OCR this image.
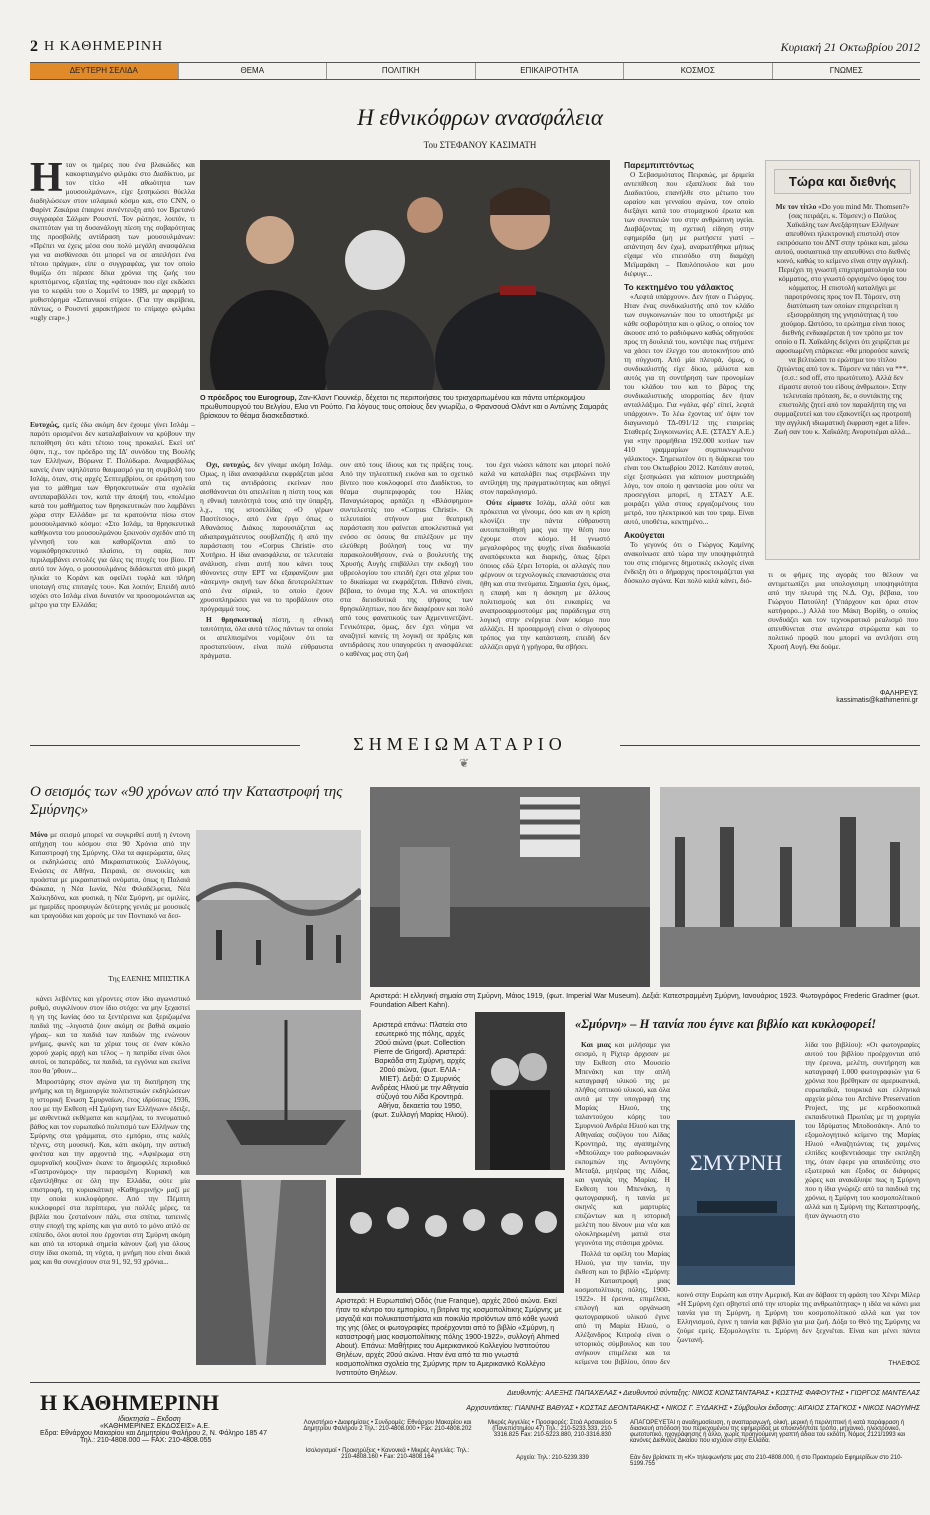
2 Η ΚΑΘΗΜΕΡΙΝΗ	Κυριακή 21 Οκτωβρίου 2012
ΔΕΥΤΕΡΗ ΣΕΛΙΔΑ	ΘΕΜΑ	ΠΟΛΙΤΙΚΗ	ΕΠΙΚΑΙΡΟΤΗΤΑ	ΚΟΣΜΟΣ	ΓΝΩΜΕΣ
Η εθνικόφρων ανασφάλεια
Του ΣΤΕΦΑΝΟΥ ΚΑΣΙΜΑΤΗ
Η ταν οι ημέρες που ένα βλακώδες και κακοφτιαγμένο φιλμάκι στο Διαδίκτυο, με τον τίτλο «Η αθωότητα των μουσουλμάνων», είχε ξεσηκώσει θύελλα διαδηλώσεων στον ισλαμικό κόσμο και, στο CNN, ο Φαρίντ Ζακάρια έπαιρνε συνέντευξη από τον Βρετανό συγγραφέα Σάλμαν Ρουσντί. Τον ρώτησε, λοιπόν, τι σκεπτόταν για τη δυσανάλογη πίεση της σοβαρότητας της προσβολής αντίδραση των μουσουλμάνων: «Πρέπει να έχεις μέσα σου πολύ μεγάλη ανασφάλεια για να αισθάνεσαι ότι μπορεί να σε απειλήσει ένα τέτοιο πράγμα», είπε ο συγγραφέας, για τον οποίο θυμίζω ότι πέρασε δέκα χρόνια της ζωής του κρυπτόμενος, εξαιτίας της «φάτουα» που είχε εκδώσει για το κεφάλι του ο Χομεϊνί το 1989, με αφορμή το μυθιστόρημα «Σατανικοί στίχοι». (Για την ακρίβεια, πάντως, ο Ρουσντί χαρακτήρισε το επίμαχο φιλμάκι «ugly crap».)
Ευτυχώς, εμείς έδω ακόμη δεν έχουμε γίνει Ισλάμ – παρότι ορισμένοι δεν καταλαβαίνουν να κρύβουν την πεποίθηση ότι κάτι τέτοιο τους προκαλεί. Εκεί υπ' όψιν, π.χ., τον πρόεδρο της ΙΔ' συνόδου της Βουλής των Ελλήνων, Βύρωνα Γ. Πολύδωρα. Αναμφιβόλως κανείς έναν υψηλότατο θαυμασμό για τη συμβολή του Ισλάμ, όταν, στις αρχές Σεπτεμβρίου, σε ερώτηση του για το μάθημα των Θρησκευτικών στα σχολεία αντιπαραβάλλει τον, κατά την άποψή του, «πολέμιο κατά του μαθήματος των θρησκευτικών που λαμβάνει χώρα στην Ελλάδα» με τα κρατούντα πίσω στον μουσουλμανικό κόσμο: «Στο Ισλάμ, τα θρησκευτικά καθήκοντα του μουσουλμάνου ξεκινούν σχεδόν από τη γέννησή του και καθορίζονται από το νομικόθρησκευτικό πλαίσιο, τη σαρία, που περιλαμβάνει εντολές για όλες τις πτυχές του βίου. Π' αυτό τον λόγο, ο μουσουλμάνος διδάσκεται από μικρή ηλικία το Κοράνι και οφείλει τυφλά και πλήρη υποταγή στις επιταγές του». Και λοιπόν; Επειδή αυτό ισχύει στο Ισλάμ είναι δυνατόν να προσομοιώνεται ως μέτρο για την Ελλάδα;
Ο πρόεδρος του Eurogroup, Ζαν-Κλοντ Γιουνκέρ, δέχεται τις περιποιήσεις του τρισχαριτωμένου και πάντα υπέρκομψου πρωθυπουργού του Βελγίου, Ελιο ντι Ρούπο. Για λόγους τους οποίους δεν γνωρίζω, ο Φρανσουά Ολάντ και ο Αντώνης Σαμαράς βρίσκουν το θέαμα διασκεδαστικό.

Οχι, ευτυχώς, δεν γίναμε ακόμη Ισλάμ. Ομως, η ίδια ανασφάλεια εκφράζεται μέσα από τις αντιδράσεις εκείνων που αισθάνονται ότι απειλείται η πίστη τους και η εθνική ταυτότητά τους από την ύπαρξη, λ.χ., της ιστοσελίδας «Ο γέρων Παστίτσιος», από ένα έργο όπως ο Αθανάσιος Διάκος παρουσιάζεται ως αδιαπραγμάτευτος σουβλατζής ή από την παράσταση του «Corpus Christi» στο Χυτήριο. Η ίδια ανασφάλεια, σε τελευταία ανάλυση, είναι αυτή που κάνει τους ιθύνοντες στην ΕΡΤ να εξαφανίζουν μια «άσεμνη» σκηνή των δέκα δευτερολέπτων από ένα σίριαλ, το οποίο έχουν χρυσοπληρώσει για να το προβάλουν στο πρόγραμμά τους.

Η θρησκευτική πίστη, η εθνική ταυτότητα, όλα αυτά τέλος πάντων τα οποία οι απελπισμένοι νομίζουν ότι τα προστατεύουν, είναι πολύ εύθραυστα πράγματα.

ουν από τους ίδιους και τις πράξεις τους. Από την τηλεοπτική εικόνα και το σχετικό βίντεο που κυκλοφορεί στο Διαδίκτυο, το θέαμα συμπεριφοράς του Ηλίας Παναγιώταρος αρπάζει η «Βλάσφημοι» συντελεστές του «Corpus Christi». Οι τελευταίοι στήνουν μια θεατρική παράσταση που φαίνεται αποκλειστικά για ενόσο σε όσους θα επιλέξουν με την ελεύθερη βούλησή τους να την παρακολουθήσουν, ενώ ο βουλευτής της Χρυσής Αυγής επιβάλλει την εκδοχή του υβρεολογίου του επειδή έχει στα χέρια του το δικαίωμα να εκφράζεται. Πιθανό είναι, βέβαια, το όνομα της Χ.Α. να αποκτήσει στα διεισδυτικά της ψήφους των θρησκόληπτων, που δεν διαφέρουν και πολύ από τους φανατικούς των Αχμεντινετζάντ. Γενικότερα, όμως, δεν έχει νόημα να αναζητεί κανείς τη λογική σε πράξεις και αντιδράσεις που υπαγορεύει η ανασφάλεια: ο καθένας μας στη ζωή

του έχει νιώσει κάποτε και μπορεί πολύ καλά να καταλάβει πως στρεβλώνει την αντίληψη της πραγματικότητας και οδηγεί στον παραλογισμό.

Ούτε είμαστε Ισλάμ, αλλά ούτε και πρόκειται να γίνουμε, όσο και αν η κρίση κλονίζει την πάντα εύθραυστη αυτοπεποίθησή μας για την θέση που έχουμε στον κόσμο. Η γνωστό μεγαλοφόρος της ψυχής είναι διαδικασία αναπόφευκτα και διαρκής, όπως ξέρει όποιος εδώ ξέρει Ιστορία, οι αλλαγές που φέρνουν οι τεχνολογικές επαναστάσεις στα ήθη και στα πνεύματα. Σημασία έχει, όμως, η επαφή και η άσκηση με άλλους πολιτισμούς και ότι ευκαιρίες να αναπροσαρμοστούμε μας παράδειγμα στη λογική στην ενέργεια έναν κόσμο που αλλάζει. Η προσαρμογή είναι ο σίγουρος τρόπος για την κατάσταση, επειδή δεν αλλάζει αργά ή γρήγορα, θα σβήσει.

Παρεμπιπτόντως

Ο Σεβασμιότατος Πειραιώς, με δριμεία αντεπίθεση που εξαπέλυσε διά του Διαδικτύου, επανήλθε στο μέτωπο του ωραίου και γενναίου αγώνα, τον οποίο διεξάγει κατά του στομαχικού έρωτα και των συνεπειών του στην ανθρώπινη υγεία. Διαβάζοντας τη σχετική είδηση στην εφημερίδα (μη με ρωτήσετε γιατί – απάντηση δεν έχω), αναρωτήθηκα μήπως είχαμε νέο επεισόδιο στη διαμάχη Μεϊμαράκη – Παυλόπουλου και μου διέφυγε...

Το κεκτημένο του γάλακτος

«Λεφτά υπάρχουν». Δεν ήταν ο Γιώργος. Ηταν ένας συνδικαλιστής από τον κλάδο των συγκοινωνιών που το υποστήριξε με κάθε σοβαρότητα και ο φίλος, ο οποίος τον άκουσε από το ραδιόφωνο καθώς οδηγούσε προς τη δουλειά του, κοντέψε πως στήμενε να χάσει τον έλεγχο του αυτοκινήτου από τη σύγχυση. Από μία πλευρά, όμως, ο συνδικαλιστής είχε δίκιο, μάλιστα και αυτός για τη συντήρηση των προνομίων του κλάδου του και το βάρος της συνδικαλιστικής ισορροπίας δεν ήταν ανταλλάξιμο. Για «γάλα, φέρ' είπεί, λεφτά υπάρχουν». Το λέω έχοντας υπ' όψιν τον διαγωνισμό ΤΔ-091/12 της εταιρείας Σταθερές Συγκοινωνίες Α.Ε. (ΣΤΑΣΥ Α.Ε.) για «την προμήθεια 192.000 κυτίων των 410 γραμμαρίων συμπυκνωμένου γάλακτος». Σημειωτέον ότι η διάρκεια του είναι του Οκτωβρίου 2012. Κατόπιν αυτού, είχε ξεσηκώσει για κάποιον μυστηριώδη λόγο, τον οποίο η φαντασία μου ούτε να προσεγγίσει μπορεί, η ΣΤΑΣΥ Α.Ε. μοιράζει γάλα στους εργαζομένους του μετρό, του ηλεκτρικού και του τραμ. Είναι αυτό, υποθέτω, κεκτημένο...

Ακούγεται

Το γεγονός ότι ο Γιώργος Καμίνης ανακοίνωσε από τώρα την υποψηφιότητά του στις επόμενες δημοτικές εκλογές είναι ένδειξη ότι ο δήμαρχος προετοιμάζεται για δύσκολο αγώνα. Και πολύ καλά κάνει, διό-

Τώρα και διεθνής
Με τον τίτλο «Do you mind Mr. Thomsen?» (σας πειράζει, κ. Τόμσεν;) ο Παύλος Χαϊκάλης των Ανεξάρτητων Ελλήνων απευθύνει ηλεκτρονική επιστολή στον εκπρόσωπο του ΔΝΤ στην τρόικα και, μέσω αυτού, ουσιαστικά την απευθύνει στο διεθνές κοινό, καθώς το κείμενο είναι στην αγγλική. Περιέχει τη γνωστή επιχειρηματολογία του κόμματος, στο γνωστό οργισμένο ύφος του κόμματος. Η επιστολή καταλήγει με παροτρύνσεις προς τον Π. Τόμσεν, στη διατύπωση των οποίων επιχειρείται η εξισορρόπηση της γνησιότητας ή του χιούμορ. Ωστόσο, το ερώτημα είναι ποιος διεθνής ενδιαφέρεται ή τον τρόπο με τον οποίο ο Π. Χαϊκάλης δείχνει ότι χειρίζεται με αφοσιωμένη επάρκεια: «θα μπορούσε κανείς να βελτιώσει το ερώτημα του τίτλου ζητώντας από τον κ. Τόμσεν να πάει να ***. (σ.σ.: sod off, στο πρωτότυπο). Αλλά δεν είμαστε αυτού του είδους άνθρωποι». Στην τελευταία πρόταση, δε, ο συντάκτης της επιστολής ζητεί από τον παραλήπτη της να συμμαζευτεί και του εξακοντίζει ως προτροπή την αγγλική ιδιωματική έκφραση «get a life». Ζωή σαν του κ. Χαϊκάλη; Ανορυτιέμαι αλλά...
τι οι φήμες της αγοράς του θέλουν να αντιμετωπίζει μια υπολογισιμη υποψηφιότητα από την πλευρά της Ν.Δ. Οχι, βέβαια, του Γιώργου Πατούλη! (Υπάρχουν και όρια στον κατήφορο...) Αλλά του Μάκη Βορίδη, ο οποίος συνδυάζει και τον τεχνοκρατικό ρεαλισμό που απευθύνεται στα ανώτερα στρώματα και το πολιτικό προφίλ που μπορεί να αντλήσει στη Χρυσή Αυγή. Θα δούμε.
ΦΑΛΗΡΕΥΣ
kassimatis@kathimerini.gr
ΣΗΜΕΙΩΜΑΤΑΡΙΟ
❦
Ο σεισμός των «90 χρόνων από την Καταστροφή της Σμύρνης»
Μόνο με σεισμό μπορεί να συγκριθεί αυτή η έντονη απήχηση του κόσμου στα 90 Χρόνια από την Καταστροφή της Σμύρνης. Ολα τα αφιερώματα, όλες οι εκδηλώσεις από Μικρασιατικούς Συλλόγους, Ενώσεις σε Αθήνα, Πειραιά, σε συνοικίες και προάστια με μικρασιατικά ονόματα, όπως η Παλαιά Φώκαια, η Νέα Ιωνία, Νέα Φιλαδέλφεια, Νέα Χαλκηδόνα, και φυσικά, η Νέα Σμύρνη, με ομιλίες, με ημερίδες προσφυγών δεύτερης γενιάς με μουσικές και τραγούδια και χορούς με τον Ποντιακό να δεσ-
Της ΕΛΕΝΗΣ ΜΠΙΣΤΙΚΑ

κάνει λεβέντες και γέροντες στον ίδιο αγωνιστικό ρυθμό, συγκλίνουν στον ίδιο στόχο: να μην ξεχαστεί η γη της Ιωνίας όσο τα ξεντέρεινα και ξεριζωμένα παιδιά της –λιγοστά ζουν ακόμη σε βαθιά ακμαίο γήρας– και τα παιδιά των παιδιών της ενώνουν μνήμες, φωνές και τα χέρια τους σε έναν κύκλο χορού χωρίς αρχή και τέλος – η πατρίδα είναι όλοι αυτοί, οι πατεράδες, τα παιδιά, τα εγγόνια και εκείνα που θα 'ρθουν...

Μπροστάρης στον αγώνα για τη διατήρηση της μνήμης και τη δημιουργία πολιτιστικών εκδηλώσεων η ιστορική Ενωση Σμυρναίων, έτος ιδρύσεως 1936, που με την Εκθεση «Η Σμύρνη των Ελλήνων» έδειξε, με αυθεντικά εκθέματα και κειμήλια, το πνευματικό βάθος και τον ευρωπαϊκό πολιτισμό των Ελλήνων της Σμύρνης στα γράμματα, στο εμπόριο, στις καλές τέχνες, στη μουσική. Και, κάτι ακόμη, την αστική φινέτσα και την αρχοντιά της. «Αφιέρωμα στη σμυρναϊκή κουζίνα» έκανε το δημοφιλές περιοδικό «Γαστρονόμος» την περασμένη Κυριακή και εξαντλήθηκε σε όλη την Ελλάδα, ούτε μία επιστροφή, τη κυριακάτικη «Καθημερινής» μαζί με την οποία κυκλοφόρησε. Από την Πέμπτη κυκλοφορεί στα περίπτερα, για πολλές μέρες, τα βιβλία που ζεσταίνουν πάλι, στα σπίτια, ταπεινές στην εποχή της κρίσης και για αυτό το μόνο απλό σε επίπεδο, όλοι αυτοί που έρχονται στη Σμύρνη ακόμη και από τα ιστορικά σημεία κάνουν ζωή για όλους στην ίδια σκοπιά, τη νύχτα, η μνήμη που είναι δικιά μας και θα συνεχίσουν στα 91, 92, 93 χρόνια...

Αριστερά: Η ελληνική σημαία στη Σμύρνη, Μάιος 1919, (φωτ. Imperial War Museum). Δεξιά: Κατεστραμμένη Σμύρνη, Ιανουάριος 1923. Φωτογράφος Frederic Gradmer (φωτ. Foundation Albert Kahn).
Αριστερά επάνω: Πλατεία στο εσωτερικό της πόλης, αρχές 20ού αιώνα (φωτ. Collection Pierre de Grigord). Αριστερά: Βαρκάδα στη Σμύρνη, αρχές 20ού αιώνα, (φωτ. ΕΛΙΑ - ΜΙΕΤ). Δεξιά: Ο Σμυρνιός Ανδρέας Ηλιού με την Αθηναία σύζυγό του Λίδα Κροντηρά. Αθήνα, δεκαετία του 1950, (φωτ. Συλλογή Μαρίας Ηλιού).
Αριστερά: Η Ευρωπαϊκή Οδός (rue Franque), αρχές 20ού αιώνα. Εκεί ήταν το κέντρο του εμπορίου, η βιτρίνα της κοσμοπολίτικης Σμύρνης με μαγαζιά και πολυκαταστήματα και ποικιλία προϊόντων από κάθε γωνιά της γης (όλες οι φωτογραφίες προέρχονται από το βιβλίο «Σμύρνη, η καταστροφή μιας κοσμοπολίτικης πόλης 1900-1922», συλλογή Ahmed About). Επάνω: Μαθήτριες του Αμερικανικού Κολλεγίου Ινστιτούτου Θηλέων, αρχές 20ού αιώνα. Ηταν ένα από τα πιο γνωστά κοσμοπολίτικα σχολεία της Σμύρνης πριν το Αμερικανικό Κολλέγιο Ινστιτούτο Θηλέων.
«Σμύρνη» – Η ταινία που έγινε και βιβλίο και κυκλοφορεί!

Και μιας και μιλήσαμε για σεισμό, η Ρίχτερ άρχισαν με την Εκθεση στο Μουσείο Μπενάκη και την απλή καταγραφή υλικού της με πλήθος οπτικού υλικού, και όλα αυτά με την υπογραφή της Μαρίας Ηλιού, της ταλαντούχου κόρης του Σμυρνιού Ανδρέα Ηλιού και της Αθηναίας συζύγου του Λίδας Κροντηρά, της αγαπημένης «Μπούλας» του ραδιοφωνικών εκπομπών της Αντιγόνης Μεταξά, μητέρας της Λίδας, και γιαγιάς της Μαρίας. Η Εκθεση του Μπενάκη, η φωτογραφική, η ταινία με σκηνές και μαρτυρίες επιζώντων και η ιστορική μελέτη που δίνουν μια νέα και ολοκληρωμένη ματιά στα γεγονότα της στάσιμα χρόνια.

Πολλά τα οφέλη του Μαρίας Ηλιού, για την ταινία, την έκθεση και το βιβλίο «Σμύρνη: Η Καταστροφή μιας κοσμοπολίτικης πόλης, 1900-1922». Η έρευνα, επιμέλεια, επιλογή και οργάνωση φωτογραφικού υλικού έγινε από τη Μαρία Ηλιού, ο Αλέξανδρος Κιτροέφ είναι ο ιστορικός σύμβουλος και του ανήκουν επιμέλεια και τα κείμενα του βιβλίου, όπου δεν

ΣΜΥΡΝΗ
λίδα του βιβλίου): «Οι φωτογραφίες αυτού του βιβλίου προέρχονται από την έρευνα, μελέτη, συντήρηση και καταγραφή 1.000 φωτογραφιών για 6 χρόνια που βρέθηκαν σε αμερικανικά, ευρωπαϊκά, τουρκικά και ελληνικά αρχεία μέσω του Archive Preservation Project, της με κερδοσκοπικά εκπαιδευτικά Πρωτέας με τη χορηγία του Ιδρύματος Μποδοσάκη». Από το εξομολογητικό κείμενο της Μαρίας Ηλιού «Αναζητώντας τις χαμένες ελπίδες κουβεντιάσαμε την εκπληξη της, όταν έφερε για απαιδεύτης στο εξωτερικό και έξοδος σε διάφορες χώρες και ανακάλυψε πως η Σμύρνη που η ίδια γνώριζε από τα παιδικά της χρόνια, η Σμύρνη του κοσμοπολίτικού αλλά και η Σμύρνη της Καταστροφής, ήταν άγνωστη στο
κοινό στην Ευρώπη και στην Αμερική. Και αν δάβασε τη φράση του Χένρι Μίλερ «Η Σμύρνη έχει σβηστεί από την ιστορία της ανθρωπότητας» η ιδέα να κάνει μια ταινία για τη Σμύρνη, η Σμύρνη του κοσμοπολίτικού αλλά και για τον Ελληνισμού, έγινε η ταινία και βιβλίο για μια ζωή. Δόξα το Θεό της Σμύρνης να ζούμε εμείς. Εξομολογείτε τι. Σμύρνη δεν ξεχνιέται. Είναι και μένει πάντα ζωντανή.
ΤΗΛΕΦΟΣ
Η ΚΑΘΗΜΕΡΙΝΗ
Ιδιοκτησία – Εκδοση
«ΚΑΘΗΜΕΡΙΝΕΣ ΕΚΔΟΣΕΙΣ» Α.Ε.
Εδρα: Εθνάρχου Μακαρίου και Δημητρίου Φαλήρου 2, Ν. Φάληρο 185 47
Τηλ.: 210-4808.000 — FAX: 210-4808.055
Διευθυντής: ΑΛΕΞΗΣ ΠΑΠΑΧΕΛΑΣ • Διευθυντού σύνταξης: ΝΙΚΟΣ ΚΩΝΣΤΑΝΤΑΡΑΣ • ΚΩΣΤΗΣ ΦΑΦΟΥΤΗΣ • ΓΙΩΡΓΟΣ ΜΑΝΤΕΛΑΣ
Αρχισυντάκτες: ΓΙΑΝΝΗΣ ΒΑΘΥΑΣ • ΚΩΣΤΑΣ ΔΕΟΝΤΑΡΑΚΗΣ • ΝΙΚΟΣ Γ. ΞΥΔΑΚΗΣ • Σύμβουλοι έκδοσης: ΑΙΓΑΙΟΣ ΣΤΑΓΚΟΣ • ΝΙΚΟΣ ΝΑΟΥΜΗΣ
Λογιστήριο • Διαφημίσεις • Συνδρομές: Εθνάρχου Μακαρίου και Δημητρίου Φαλήρου 2 Τηλ.: 210-4808.000 • Fax: 210-4808.202
Ισολογισμοί • Προκηρύξεις • Κανονικά • Μικρές Αγγελίες: Τηλ.: 210-4808.160 • Fax: 210-4808.164
Μικρές Αγγελίες • Προσφορές: Στοά Αρσακείου 5 (Πανεπιστημίου 47) Τηλ.: 210-5233.333, 210-3316.825 Fax: 210-5223.880, 210-3316.830
Αρχείο: Τηλ.: 210-5239.339
ΑΠΑΓΟΡΕΥΕΤΑΙ η αναδημοσίευση, η αναπαραγωγή, ολική, μερική ή περιληπτική ή κατά παράφραση ή διασκευή απόδοση του περιεχομένου της εφημερίδας με οποιονδήποτε τρόπο, μηχανικό, ηλεκτρονικό, φωτοτυπικό, ηχογράφησης ή άλλο, χωρίς προηγούμενη γραπτή άδεια του εκδότη. Νόμος 2121/1993 και κανόνες Διεθνούς Δικαίου που ισχύουν στην Ελλάδα.
Εάν δεν βρίσκετε τη «Κ» τηλεφωνήστε μας στο 210-4808.000, ή στο Πρακτορείο Εφημερίδων στο 210-5199.755
